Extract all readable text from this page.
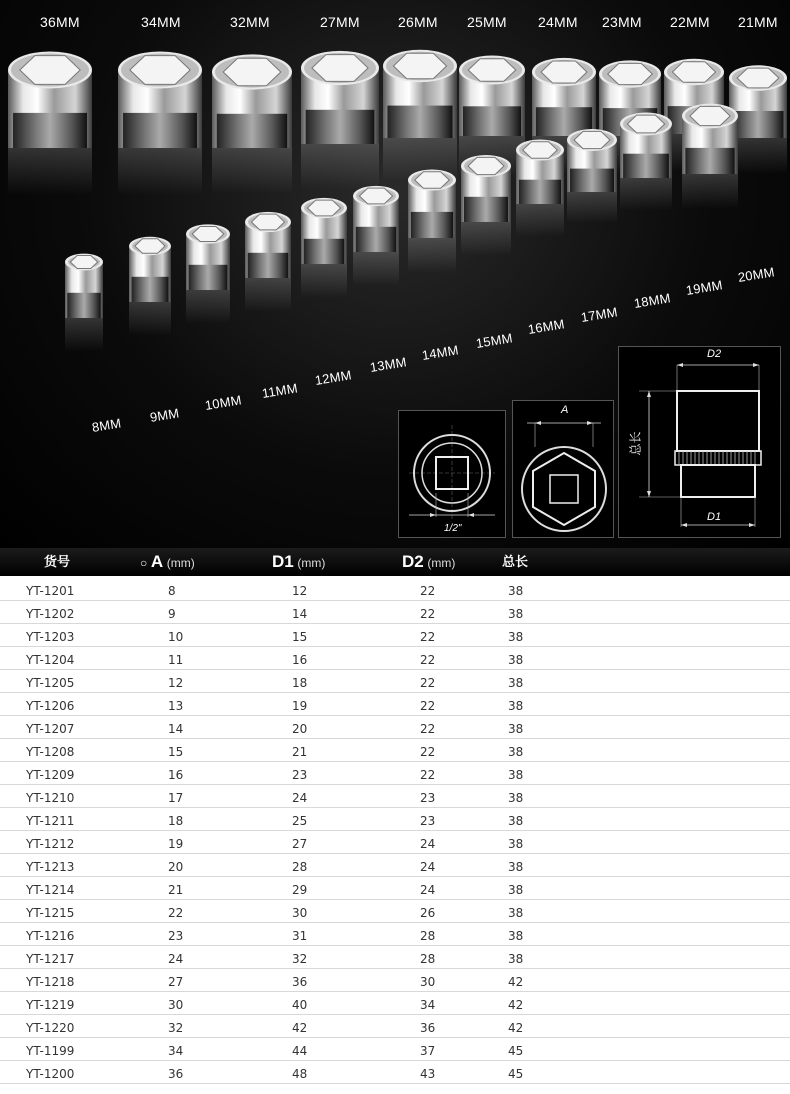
36MM	34MM	32MM	27MM	26MM 25MM 24MM 23MM 22MM 21MM
8MM
9MM
10MM
11MM
12MM
13MM
14MM
15MM
16MM
17MM
18MM
19MM
20MM
1/2"
A
D2
D1
总长
货号	○ A (mm)	D1 (mm)	D2 (mm)	总长
YT-1201	8	12	22	38
YT-1202	9	14	22	38
YT-1203	10	15	22	38
YT-1204	11	16	22	38
YT-1205	12	18	22	38
YT-1206	13	19	22	38
YT-1207	14	20	22	38
YT-1208	15	21	22	38
YT-1209	16	23	22	38
YT-1210	17	24	23	38
YT-1211	18	25	23	38
YT-1212	19	27	24	38
YT-1213	20	28	24	38
YT-1214	21	29	24	38
YT-1215	22	30	26	38
YT-1216	23	31	28	38
YT-1217	24	32	28	38
YT-1218	27	36	30	42
YT-1219	30	40	34	42
YT-1220	32	42	36	42
YT-1199	34	44	37	45
YT-1200	36	48	43	45
